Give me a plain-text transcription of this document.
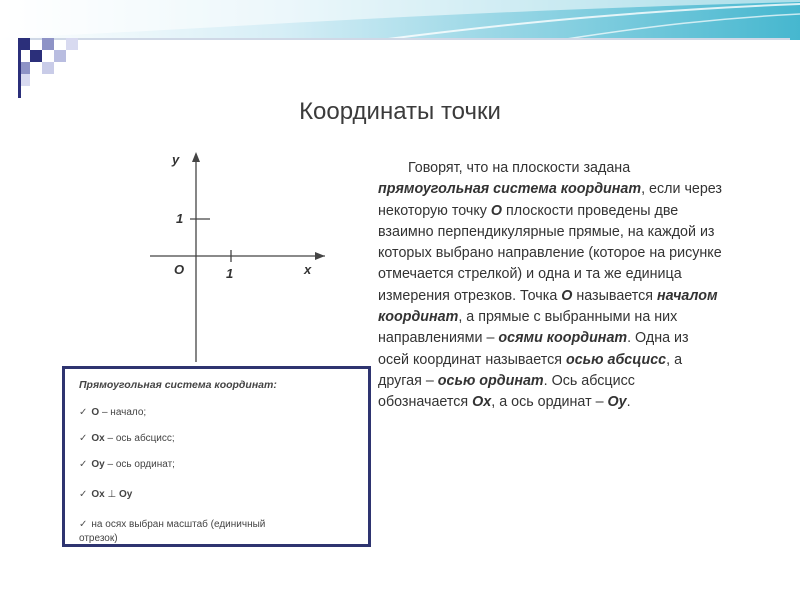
Координаты точки
y
1
O	1	x

Говорят, что на плоскости задана прямоугольная система координат, если через некоторую точку O плоскости проведены две взаимно перпендикулярные прямые, на каждой из которых выбрано направление (которое на рисунке отмечается стрелкой) и одна и та же единица измерения отрезков. Точка O называется началом координат, а прямые с выбранными на них направлениями – осями координат. Одна из осей координат называется осью абсцисс, а другая – осью ординат. Ось абсцисс обозначается Ox, а ось ординат – Oy.

Прямоугольная система координат:
✓ O – начало;
✓ Ox – ось абсцисс;
✓ Oy – ось ординат;
✓ Ox ⊥ Oy
✓ на осях выбран масштаб (единичный
отрезок)
